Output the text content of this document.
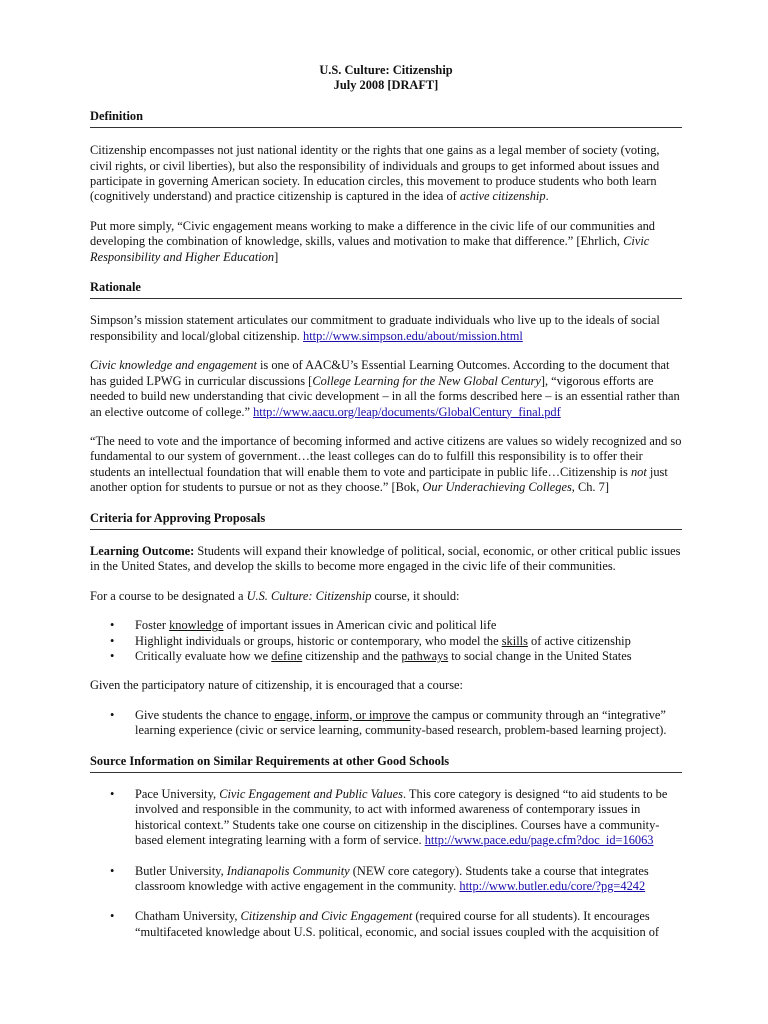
U.S. Culture: Citizenship

July 2008 [DRAFT]

Definition

Citizenship encompasses not just national identity or the rights that one gains as a legal member of society (voting, civil rights, or civil liberties), but also the responsibility of individuals and groups to get informed about issues and participate in governing American society. In education circles, this movement to produce students who both learn (cognitively understand) and practice citizenship is captured in the idea of active citizenship.

Put more simply, “Civic engagement means working to make a difference in the civic life of our communities and developing the combination of knowledge, skills, values and motivation to make that difference.” [Ehrlich, Civic Responsibility and Higher Education]

Rationale

Simpson’s mission statement articulates our commitment to graduate individuals who live up to the ideals of social responsibility and local/global citizenship. http://www.simpson.edu/about/mission.html

Civic knowledge and engagement is one of AAC&U’s Essential Learning Outcomes. According to the document that has guided LPWG in curricular discussions [College Learning for the New Global Century], “vigorous efforts are needed to build new understanding that civic development – in all the forms described here – is an essential rather than an elective outcome of college.” http://www.aacu.org/leap/documents/GlobalCentury_final.pdf

“The need to vote and the importance of becoming informed and active citizens are values so widely recognized and so fundamental to our system of government…the least colleges can do to fulfill this responsibility is to offer their students an intellectual foundation that will enable them to vote and participate in public life…Citizenship is not just another option for students to pursue or not as they choose.” [Bok, Our Underachieving Colleges, Ch. 7]

Criteria for Approving Proposals

Learning Outcome: Students will expand their knowledge of political, social, economic, or other critical public issues in the United States, and develop the skills to become more engaged in the civic life of their communities.

For a course to be designated a U.S. Culture: Citizenship course, it should:

• Foster knowledge of important issues in American civic and political life
• Highlight individuals or groups, historic or contemporary, who model the skills of active citizenship
• Critically evaluate how we define citizenship and the pathways to social change in the United States

Given the participatory nature of citizenship, it is encouraged that a course:

• Give students the chance to engage, inform, or improve the campus or community through an “integrative” learning experience (civic or service learning, community-based research, problem-based learning project).

Source Information on Similar Requirements at other Good Schools

• Pace University, Civic Engagement and Public Values. This core category is designed “to aid students to be involved and responsible in the community, to act with informed awareness of contemporary issues in historical context.” Students take one course on citizenship in the disciplines. Courses have a community-based element integrating learning with a form of service. http://www.pace.edu/page.cfm?doc_id=16063
• Butler University, Indianapolis Community (NEW core category). Students take a course that integrates classroom knowledge with active engagement in the community. http://www.butler.edu/core/?pg=4242
• Chatham University, Citizenship and Civic Engagement (required course for all students). It encourages “multifaceted knowledge about U.S. political, economic, and social issues coupled with the acquisition of
